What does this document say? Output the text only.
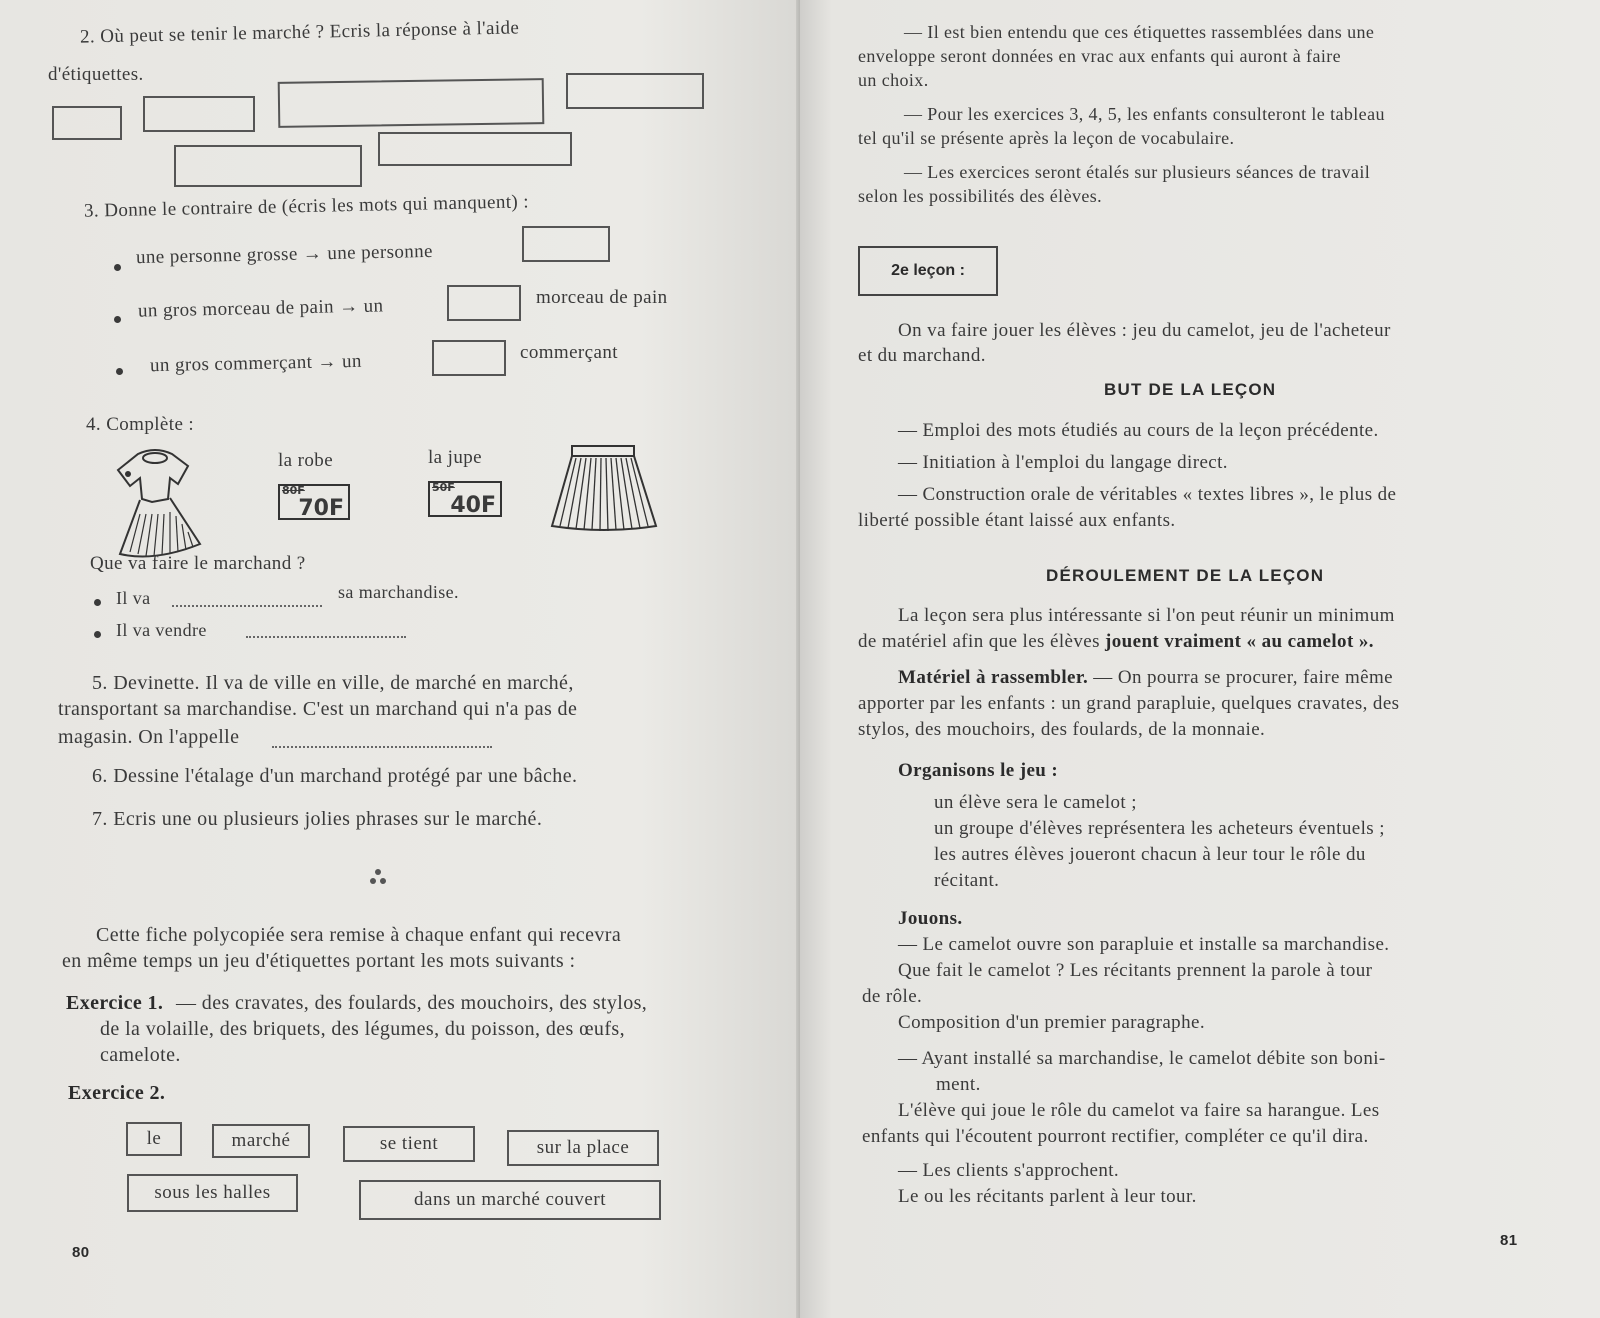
2. Où peut se tenir le marché ? Ecris la réponse à l'aide
d'étiquettes.
3. Donne le contraire de (écris les mots qui manquent) :
une personne grosse → une personne
un gros morceau de pain → un	morceau de pain
un gros commerçant → un	commerçant
4. Complète :
la robe	la jupe
80F
70F
50F
40F
Que va faire le marchand ?
Il va	sa marchandise.
Il va vendre
5. Devinette. Il va de ville en ville, de marché en marché,
transportant sa marchandise. C'est un marchand qui n'a pas de
magasin. On l'appelle
6. Dessine l'étalage d'un marchand protégé par une bâche.
7. Ecris une ou plusieurs jolies phrases sur le marché.
Cette fiche polycopiée sera remise à chaque enfant qui recevra
en même temps un jeu d'étiquettes portant les mots suivants :
Exercice 1. — des cravates, des foulards, des mouchoirs, des stylos,
de la volaille, des briquets, des légumes, du poisson, des œufs,
camelote.
Exercice 2.
le	marché	se tient	sur la place
sous les halles	dans un marché couvert
80
— Il est bien entendu que ces étiquettes rassemblées dans une
enveloppe seront données en vrac aux enfants qui auront à faire
un choix.
— Pour les exercices 3, 4, 5, les enfants consulteront le tableau
tel qu'il se présente après la leçon de vocabulaire.
— Les exercices seront étalés sur plusieurs séances de travail
selon les possibilités des élèves.
2e leçon :
On va faire jouer les élèves : jeu du camelot, jeu de l'acheteur
et du marchand.
BUT DE LA LEÇON
— Emploi des mots étudiés au cours de la leçon précédente.
— Initiation à l'emploi du langage direct.
— Construction orale de véritables « textes libres », le plus de
liberté possible étant laissé aux enfants.
DÉROULEMENT DE LA LEÇON
La leçon sera plus intéressante si l'on peut réunir un minimum
de matériel afin que les élèves jouent vraiment « au camelot ».
Matériel à rassembler. — On pourra se procurer, faire même
apporter par les enfants : un grand parapluie, quelques cravates, des
stylos, des mouchoirs, des foulards, de la monnaie.
Organisons le jeu :
un élève sera le camelot ;
un groupe d'élèves représentera les acheteurs éventuels ;
les autres élèves joueront chacun à leur tour le rôle du
récitant.
Jouons.
— Le camelot ouvre son parapluie et installe sa marchandise.
Que fait le camelot ? Les récitants prennent la parole à tour
de rôle.
Composition d'un premier paragraphe.
— Ayant installé sa marchandise, le camelot débite son boni-
ment.
L'élève qui joue le rôle du camelot va faire sa harangue. Les
enfants qui l'écoutent pourront rectifier, compléter ce qu'il dira.
— Les clients s'approchent.
Le ou les récitants parlent à leur tour.
81
